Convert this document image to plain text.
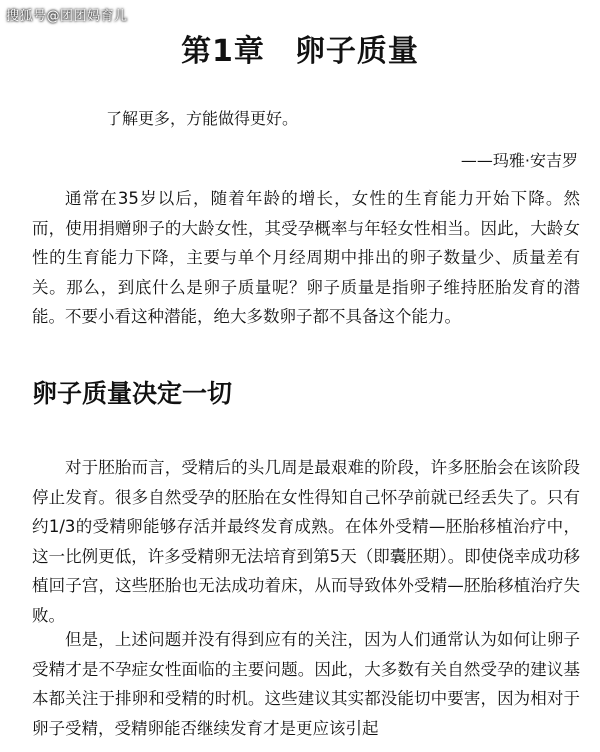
搜狐号@团团妈育儿
第1章 卵子质量
了解更多，方能做得更好。
——玛雅·安吉罗

通常在35岁以后，随着年龄的增长，女性的生育能力开始下降。然而，使用捐赠卵子的大龄女性，其受孕概率与年轻女性相当。因此，大龄女性的生育能力下降，主要与单个月经周期中排出的卵子数量少、质量差有关。那么，到底什么是卵子质量呢？卵子质量是指卵子维持胚胎发育的潜能。不要小看这种潜能，绝大多数卵子都不具备这个能力。

卵子质量决定一切

对于胚胎而言，受精后的头几周是最艰难的阶段，许多胚胎会在该阶段停止发育。很多自然受孕的胚胎在女性得知自己怀孕前就已经丢失了。只有约1/3的受精卵能够存活并最终发育成熟。在体外受精—胚胎移植治疗中，这一比例更低，许多受精卵无法培育到第5天（即囊胚期）。即使侥幸成功移植回子宫，这些胚胎也无法成功着床，从而导致体外受精—胚胎移植治疗失败。

但是，上述问题并没有得到应有的关注，因为人们通常认为如何让卵子受精才是不孕症女性面临的主要问题。因此，大多数有关自然受孕的建议基本都关注于排卵和受精的时机。这些建议其实都没能切中要害，因为相对于卵子受精，受精卵能否继续发育才是更应该引起
